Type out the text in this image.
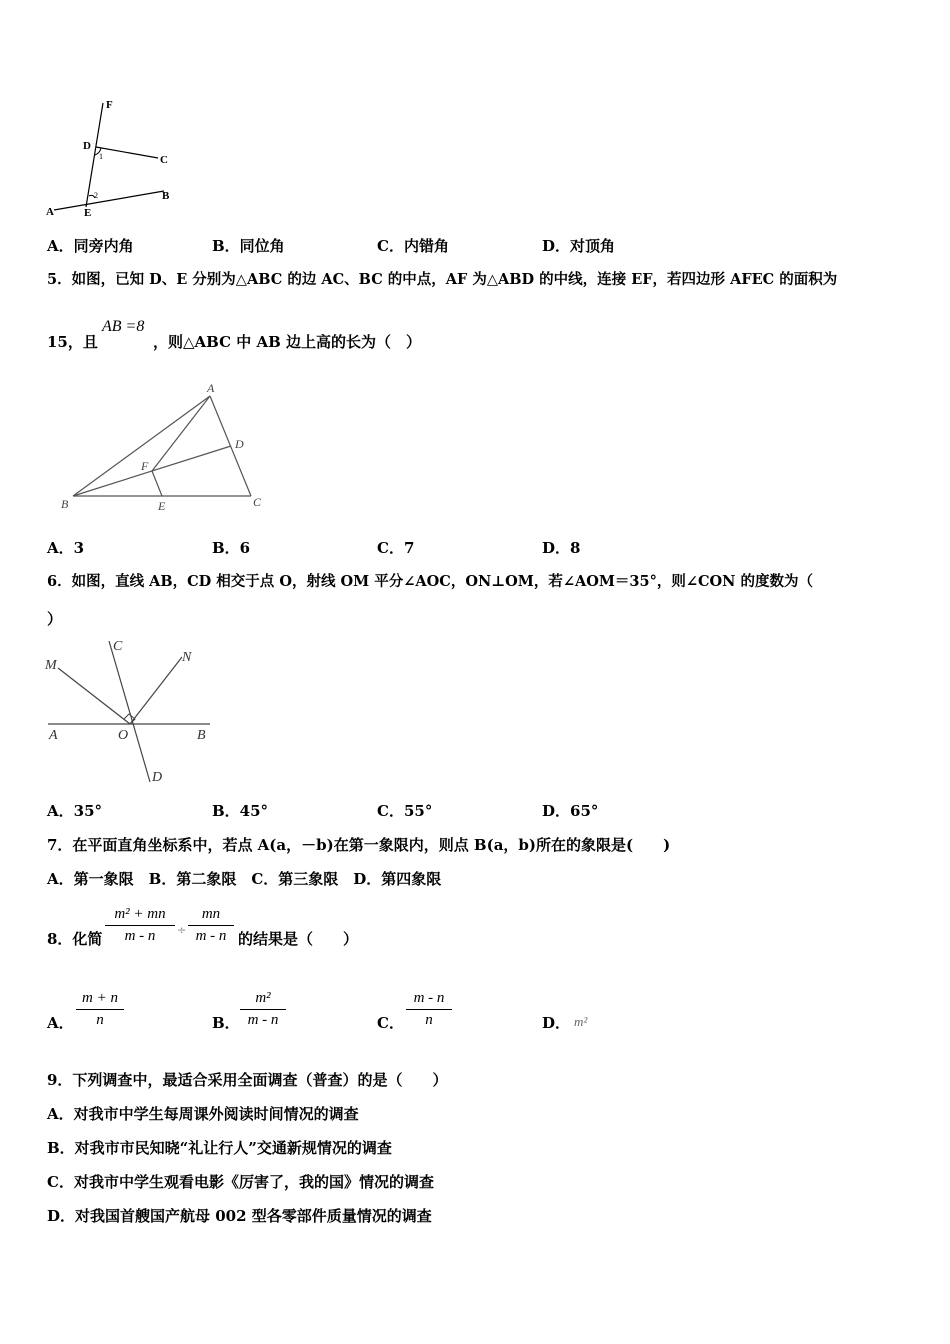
F
D
C
1
2	B
A	E
A．同旁内角	B．同位角	C．内错角	D．对顶角
5．如图，已知 D、E 分别为△ABC 的边 AC、BC 的中点，AF 为△ABD 的中线，连接 EF，若四边形 AFEC 的面积为
15，且
AB =8
，则△ABC 中 AB 边上高的长为（　）
A
D
F
B	E	C
A．3	B．6	C．7	D．8
6．如图，直线 AB，CD 相交于点 O，射线 OM 平分∠AOC，ON⊥OM，若∠AOM＝35°，则∠CON 的度数为（
）
M
C
N
A	O	B
D
A．35°	B．45°	C．55°	D．65°
7．在平面直角坐标系中，若点 A(a，－b)在第一象限内，则点 B(a，b)所在的象限是(　　)
A．第一象限　B．第二象限　C．第三象限　D．第四象限
8．化简
m² + mn
m - n	÷
mn
m - n 的结果是（　　）
A．
m + n
n	B．
m²
m - n	C．
m - n
n	D． m²
9．下列调查中，最适合采用全面调查（普查）的是（　　）
A．对我市中学生每周课外阅读时间情况的调查
B．对我市市民知晓“礼让行人”交通新规情况的调查
C．对我市中学生观看电影《厉害了，我的国》情况的调查
D．对我国首艘国产航母 002 型各零部件质量情况的调查
